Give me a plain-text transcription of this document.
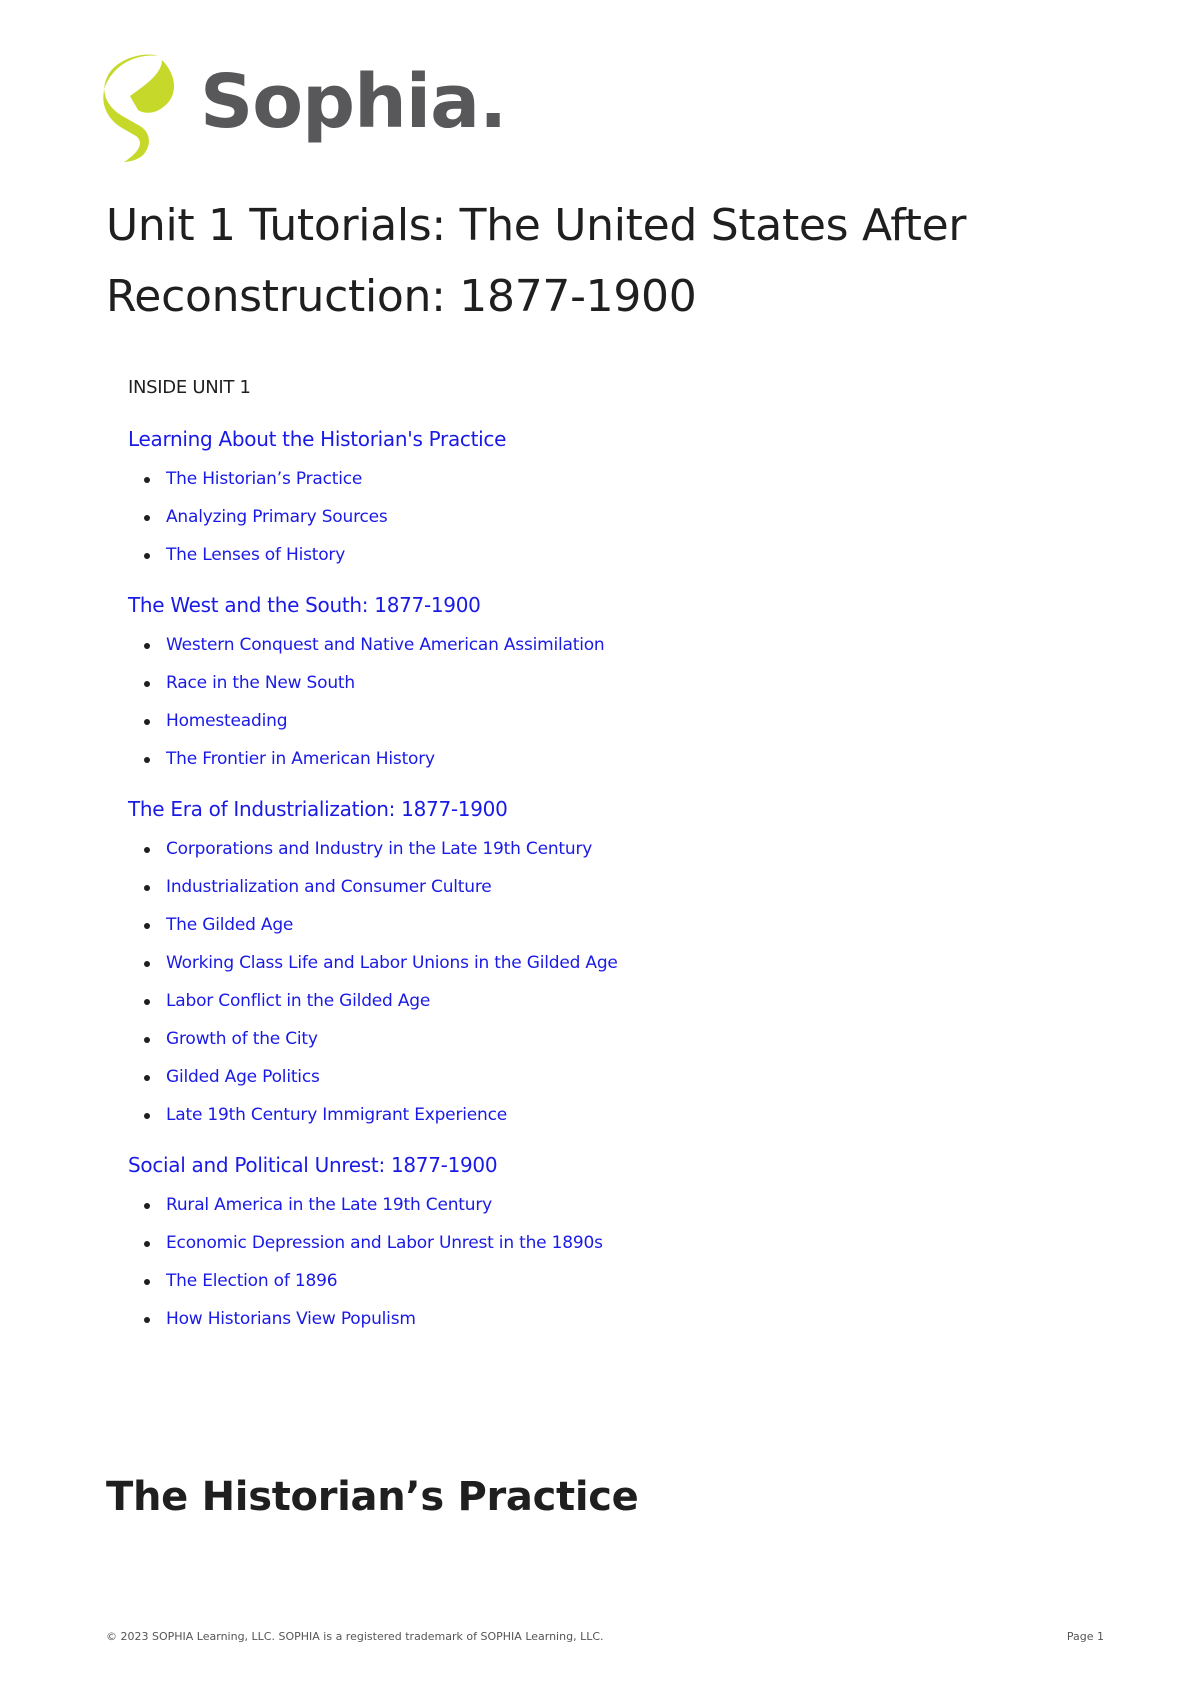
Sophia.
Unit 1 Tutorials: The United States After Reconstruction: 1877-1900
INSIDE UNIT 1
Learning About the Historian's Practice
The Historian’s Practice
Analyzing Primary Sources
The Lenses of History
The West and the South: 1877-1900
Western Conquest and Native American Assimilation
Race in the New South
Homesteading
The Frontier in American History
The Era of Industrialization: 1877-1900
Corporations and Industry in the Late 19th Century
Industrialization and Consumer Culture
The Gilded Age
Working Class Life and Labor Unions in the Gilded Age
Labor Conflict in the Gilded Age
Growth of the City
Gilded Age Politics
Late 19th Century Immigrant Experience
Social and Political Unrest: 1877-1900
Rural America in the Late 19th Century
Economic Depression and Labor Unrest in the 1890s
The Election of 1896
How Historians View Populism
The Historian’s Practice
© 2023 SOPHIA Learning, LLC. SOPHIA is a registered trademark of SOPHIA Learning, LLC.	Page 1
